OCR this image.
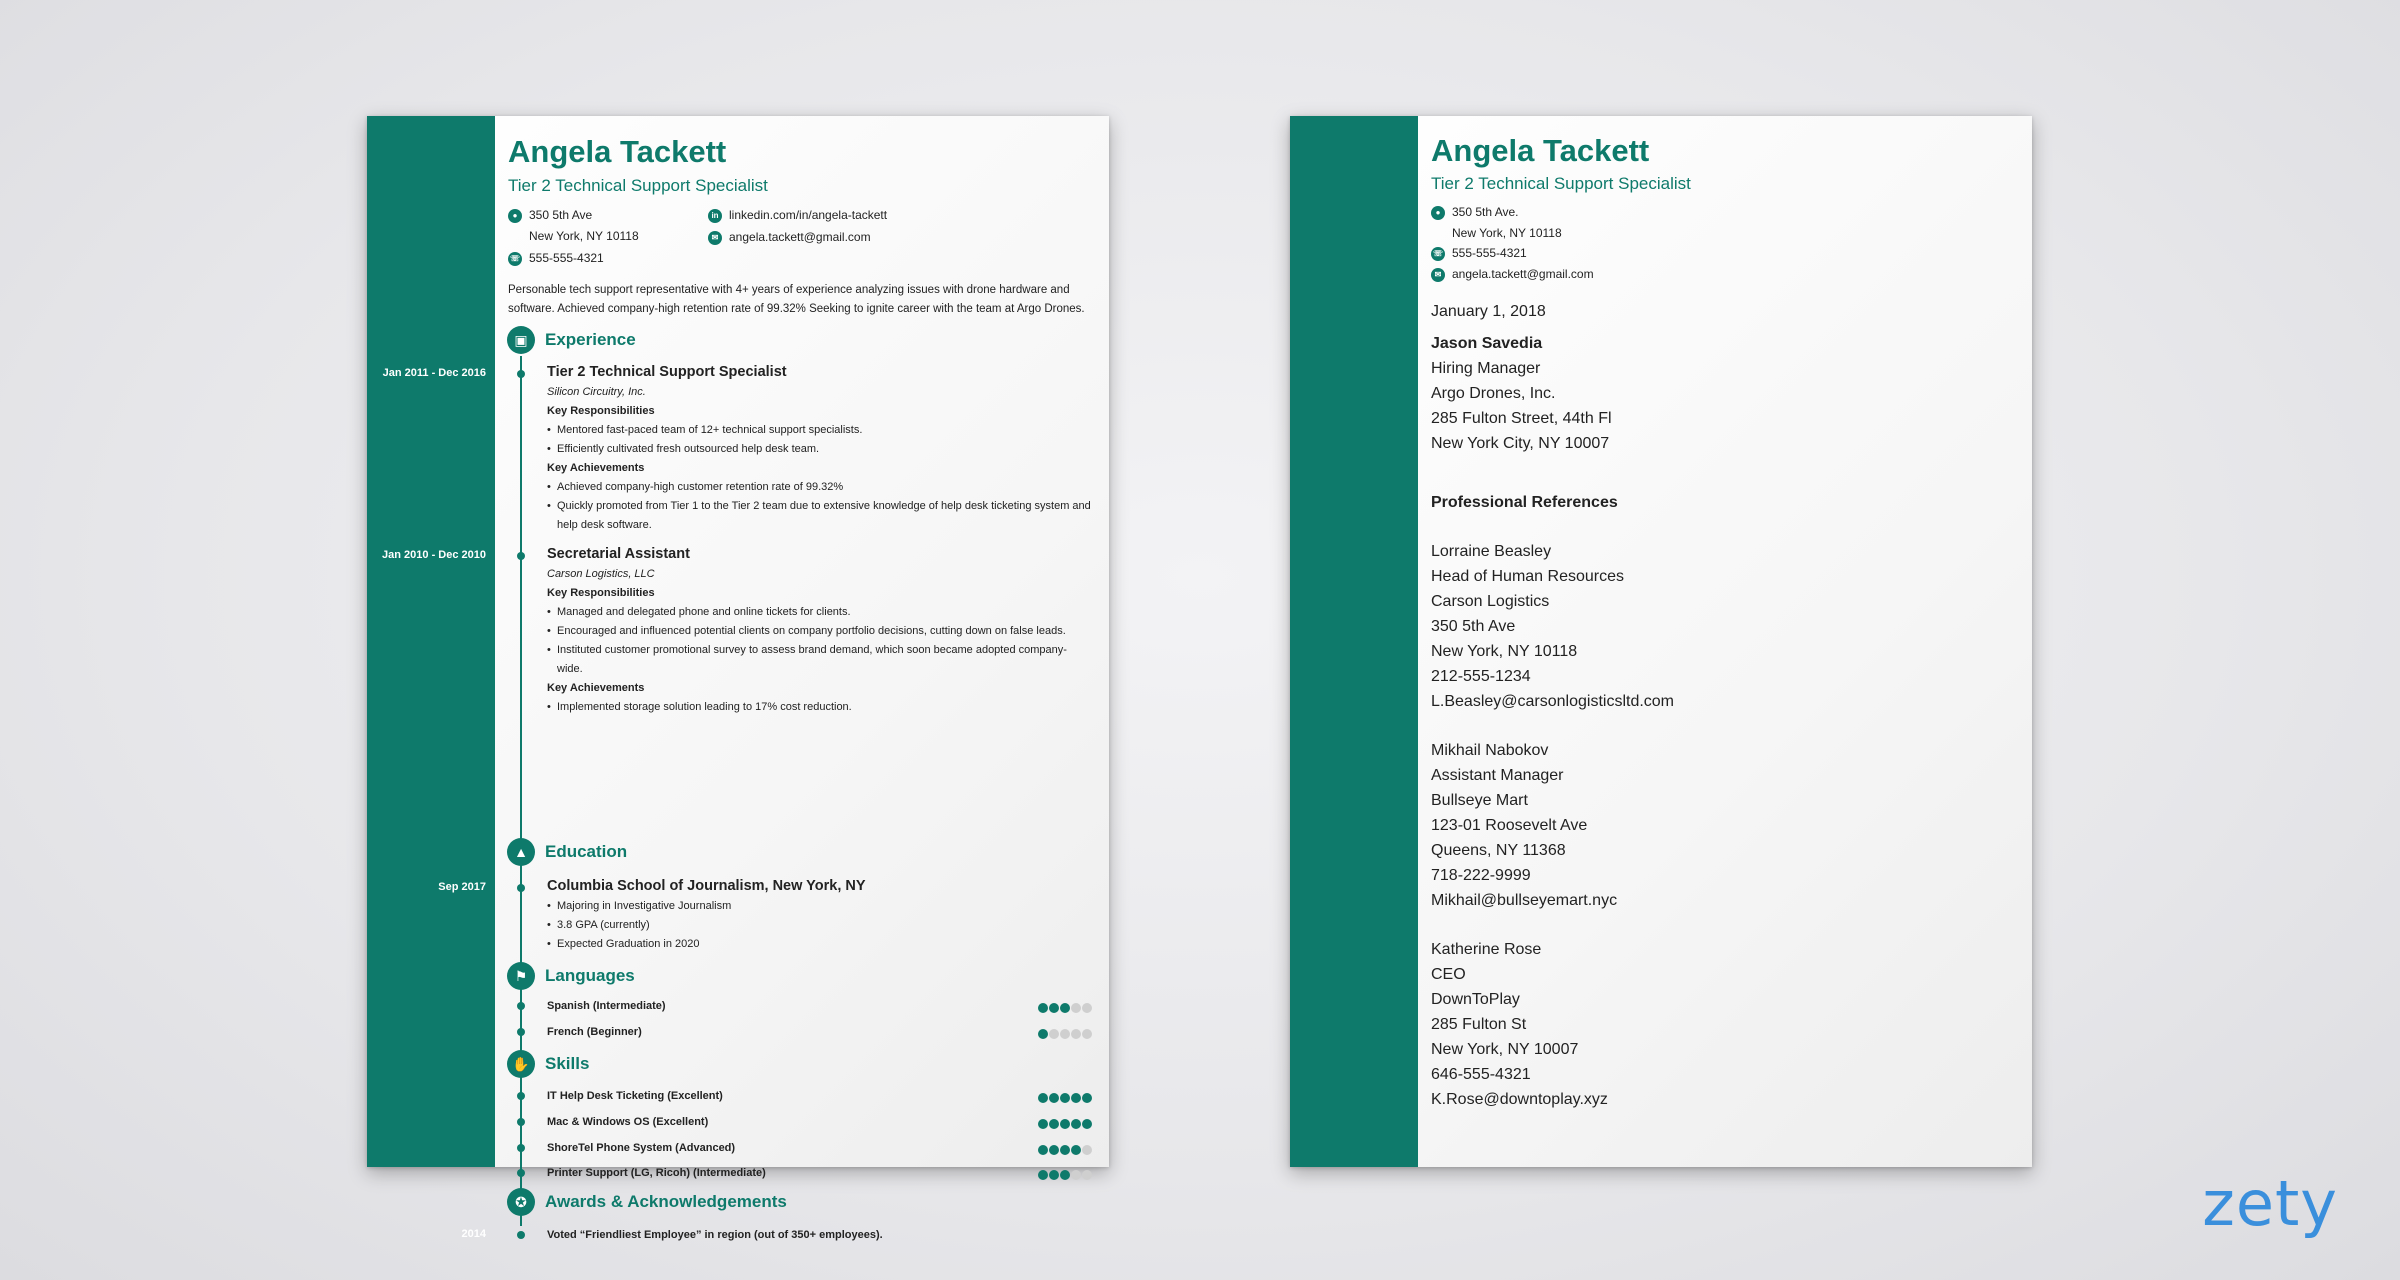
Angela Tackett
Tier 2 Technical Support Specialist
● 350 5th Ave
New York, NY 10118
☏ 555-555-4321
in linkedin.com/in/angela-tackett
✉ angela.tackett@gmail.com
Personable tech support representative with 4+ years of experience analyzing issues with drone hardware and software. Achieved company-high retention rate of 99.32% Seeking to ignite career with the team at Argo Drones.
▣ Experience
Jan 2011 - Dec 2016	Tier 2 Technical Support Specialist
Silicon Circuitry, Inc.
Key Responsibilities
• Mentored fast-paced team of 12+ technical support specialists.
• Efficiently cultivated fresh outsourced help desk team.
Key Achievements
• Achieved company-high customer retention rate of 99.32%
• Quickly promoted from Tier 1 to the Tier 2 team due to extensive knowledge of help desk ticketing system and help desk software.
Jan 2010 - Dec 2010	Secretarial Assistant
Carson Logistics, LLC
Key Responsibilities
• Managed and delegated phone and online tickets for clients.
• Encouraged and influenced potential clients on company portfolio decisions, cutting down on false leads.
• Instituted customer promotional survey to assess brand demand, which soon became adopted company-wide.
Key Achievements
• Implemented storage solution leading to 17% cost reduction.
▲ Education
Sep 2017	Columbia School of Journalism, New York, NY
• Majoring in Investigative Journalism
• 3.8 GPA (currently)
• Expected Graduation in 2020
⚑ Languages
Spanish (Intermediate)
French (Beginner)
✋ Skills
IT Help Desk Ticketing (Excellent)
Mac & Windows OS (Excellent)
ShoreTel Phone System (Advanced)
Printer Support (LG, Ricoh) (Intermediate)
✪ Awards & Acknowledgements
2014	Voted “Friendliest Employee” in region (out of 350+ employees).
Angela Tackett
Tier 2 Technical Support Specialist
● 350 5th Ave.
New York, NY 10118
☏ 555-555-4321
✉ angela.tackett@gmail.com
January 1, 2018
Jason Savedia
Hiring Manager
Argo Drones, Inc.
285 Fulton Street, 44th Fl
New York City, NY 10007
Professional References
Lorraine Beasley
Head of Human Resources
Carson Logistics
350 5th Ave
New York, NY 10118
212-555-1234
L.Beasley@carsonlogisticsltd.com
Mikhail Nabokov
Assistant Manager
Bullseye Mart
123-01 Roosevelt Ave
Queens, NY 11368
718-222-9999
Mikhail@bullseyemart.nyc
Katherine Rose
CEO
DownToPlay
285 Fulton St
New York, NY 10007
646-555-4321
K.Rose@downtoplay.xyz
zety
